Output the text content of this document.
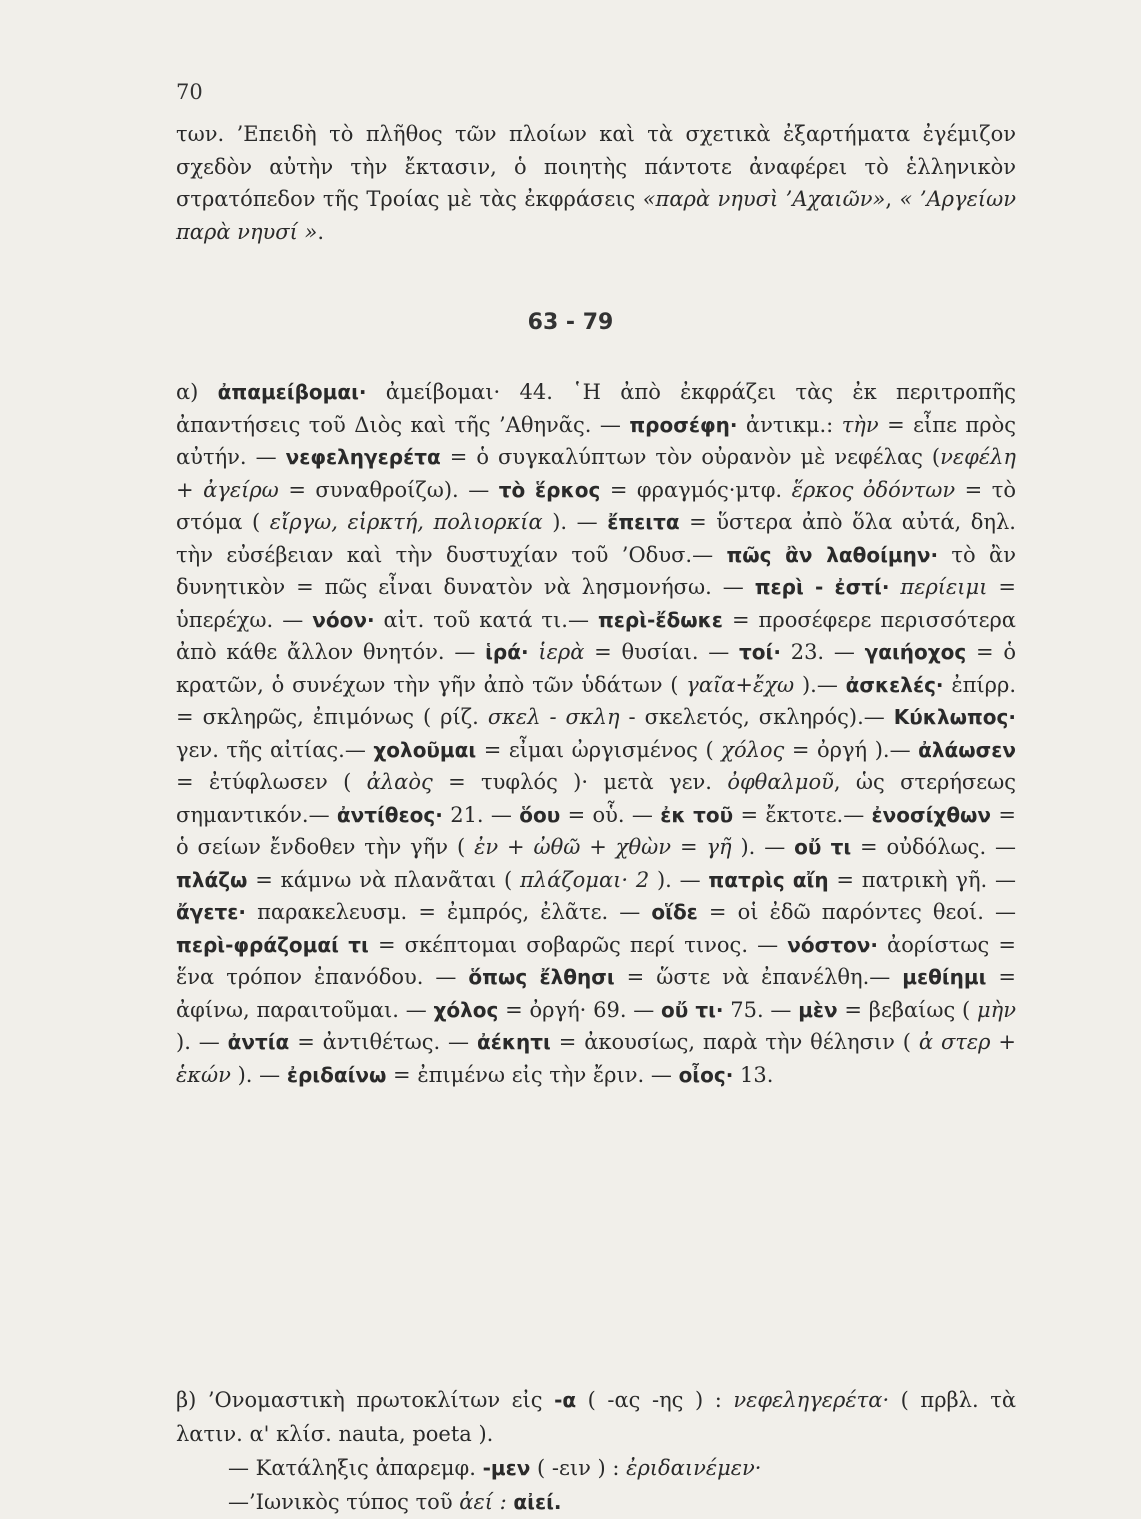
70

των. ’Επειδὴ τὸ πλῆθος τῶν πλοίων καὶ τὰ σχετικὰ ἐξαρτήματα ἐγέμιζον σχεδὸν αὐτὴν τὴν ἔκτασιν, ὁ ποιητὴς πάντοτε ἀναφέρει τὸ ἑλληνικὸν στρατόπεδον τῆς Τροίας μὲ τὰς ἐκφράσεις «παρὰ νηυσὶ ’Αχαιῶν», « ’Αργείων παρὰ νηυσί ».

63 - 79

α) ἀπαμείβομαι· ἀμείβομαι· 44. ῾Η ἀπὸ ἐκφράζει τὰς ἐκ περιτροπῆς ἀπαντήσεις τοῦ Διὸς καὶ τῆς ’Αθηνᾶς. — προσέφη· ἀντικμ.: τὴν = εἶπε πρὸς αὐτήν. — νεφεληγερέτα = ὁ συγκαλύπτων τὸν οὐρανὸν μὲ νεφέλας (νεφέλη + ἀγείρω = συναθροίζω). — τὸ ἕρκος = φραγμός·μτφ. ἕρκος ὀδόντων = τὸ στόμα ( εἴργω, εἱρκτή, πολιορκία ). — ἔπειτα = ὕστερα ἀπὸ ὅλα αὐτά, δηλ. τὴν εὐσέβειαν καὶ τὴν δυστυχίαν τοῦ ’Οδυσ.— πῶς ἂν λαθοίμην· τὸ ἂν δυνητικὸν = πῶς εἶναι δυνατὸν νὰ λησμονήσω. — περὶ - ἐστί· περίειμι = ὑπερέχω. — νόον· αἰτ. τοῦ κατά τι.— περὶ-ἔδωκε = προσέφερε περισσότερα ἀπὸ κάθε ἄλλον θνητόν. — ἱρά· ἱερὰ = θυσίαι. — τοί· 23. — γαιήοχος = ὁ κρατῶν, ὁ συνέχων τὴν γῆν ἀπὸ τῶν ὑδάτων ( γαῖα+ἔχω ).— ἀσκελές· ἐπίρρ. = σκληρῶς, ἐπιμόνως ( ρίζ. σκελ - σκλη - σκελετός, σκληρός).— Κύκλωπος· γεν. τῆς αἰτίας.— χολοῦμαι = εἶμαι ὠργισμένος ( χόλος = ὀργή ).— ἀλάωσεν = ἐτύφλωσεν ( ἀλαὸς = τυφλός )· μετὰ γεν. ὀφθαλμοῦ, ὡς στερήσεως σημαντικόν.— ἀντίθεος· 21. — ὅου = οὗ. — ἐκ τοῦ = ἔκτοτε.— ἐνοσίχθων = ὁ σείων ἔνδοθεν τὴν γῆν ( ἐν + ὠθῶ + χθὼν = γῆ ). — οὔ τι = οὐδόλως. — πλάζω = κάμνω νὰ πλανᾶται ( πλάζομαι· 2 ). — πατρὶς αἴη = πατρικὴ γῆ. — ἄγετε· παρακελευσμ. = ἐμπρός, ἐλᾶτε. — οἵδε = οἱ ἐδῶ παρόντες θεοί. — περὶ-φράζομαί τι = σκέπτομαι σοβαρῶς περί τινος. — νόστον· ἀορίστως = ἕνα τρόπον ἐπανόδου. — ὅπως ἔλθησι = ὥστε νὰ ἐπανέλθη.— μεθίημι = ἀφίνω, παραιτοῦμαι. — χόλος = ὀργή· 69. — οὔ τι· 75. — μὲν = βεβαίως ( μὴν ). — ἀντία = ἀντιθέτως. — ἀέκητι = ἀκουσίως, παρὰ τὴν θέλησιν ( ἀ στερ + ἑκών ). — ἐριδαίνω = ἐπιμένω εἰς τὴν ἔριν. — οἶος· 13.

β) ’Ονομαστικὴ πρωτοκλίτων εἰς -α ( -ας -ης ) : νεφεληγερέτα· ( πρβλ. τὰ λατιν. α' κλίσ. nauta, poeta ).

— Κατάληξις ἀπαρεμφ. -μεν ( -ειν ) : ἐριδαινέμεν·

—’Ιωνικὸς τύπος τοῦ ἀεί : αἰεί.
